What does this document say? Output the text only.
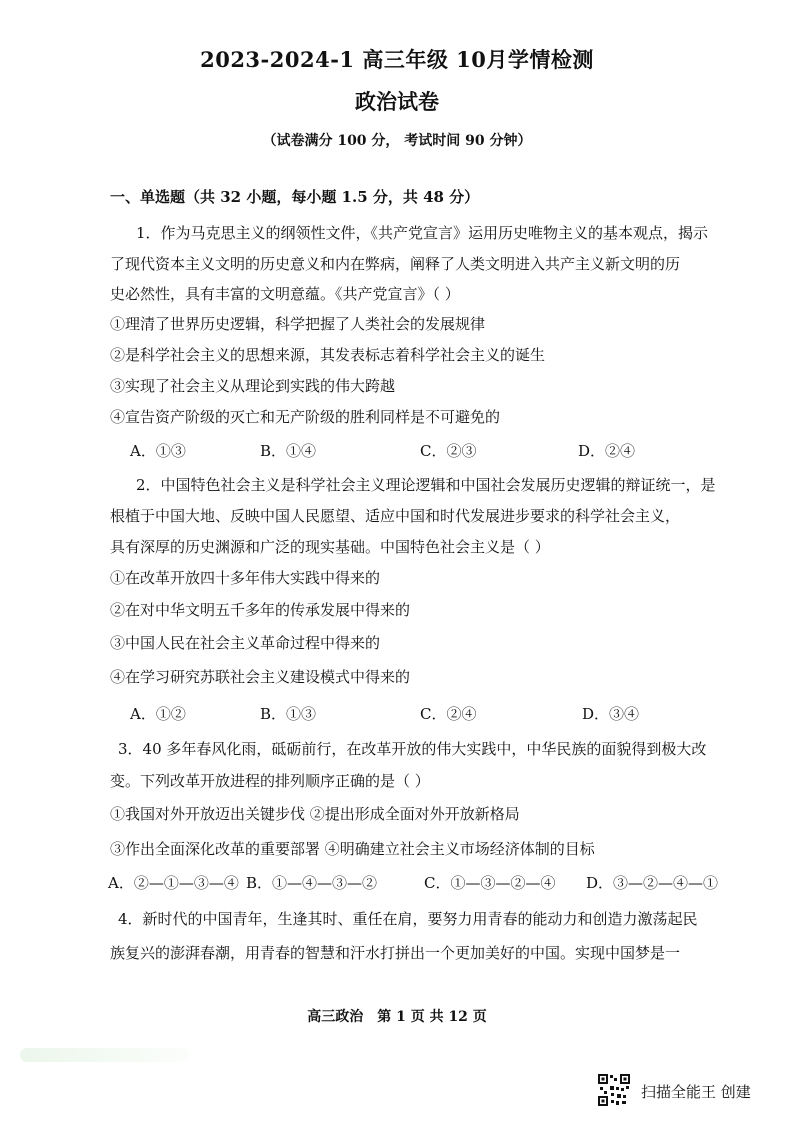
2023-2024-1 高三年级 10月学情检测
政治试卷
（试卷满分 100 分， 考试时间 90 分钟）
一、单选题（共 32 小题，每小题 1.5 分，共 48 分）
1．作为马克思主义的纲领性文件，《共产党宣言》运用历史唯物主义的基本观点，揭示
了现代资本主义文明的历史意义和内在弊病，阐释了人类文明进入共产主义新文明的历
史必然性，具有丰富的文明意蕴。《共产党宣言》（ ）
①理清了世界历史逻辑，科学把握了人类社会的发展规律
②是科学社会主义的思想来源，其发表标志着科学社会主义的诞生
③实现了社会主义从理论到实践的伟大跨越
④宣告资产阶级的灭亡和无产阶级的胜利同样是不可避免的
A．①③	B．①④	C．②③	D．②④
2．中国特色社会主义是科学社会主义理论逻辑和中国社会发展历史逻辑的辩证统一，是
根植于中国大地、反映中国人民愿望、适应中国和时代发展进步要求的科学社会主义，
具有深厚的历史渊源和广泛的现实基础。中国特色社会主义是（ ）
①在改革开放四十多年伟大实践中得来的
②在对中华文明五千多年的传承发展中得来的
③中国人民在社会主义革命过程中得来的
④在学习研究苏联社会主义建设模式中得来的
A．①②	B．①③	C．②④	D．③④
3．40 多年春风化雨，砥砺前行，在改革开放的伟大实践中，中华民族的面貌得到极大改
变。下列改革开放进程的排列顺序正确的是（ ）
①我国对外开放迈出关键步伐 ②提出形成全面对外开放新格局
③作出全面深化改革的重要部署 ④明确建立社会主义市场经济体制的目标
A．②—①—③—④ B．①—④—③—②	C．①—③—②—④	D．③—②—④—①
4．新时代的中国青年，生逢其时、重任在肩，要努力用青春的能动力和创造力激荡起民
族复兴的澎湃春潮，用青春的智慧和汗水打拼出一个更加美好的中国。实现中国梦是一
高三政治　第 1 页 共 12 页
扫描全能王 创建
